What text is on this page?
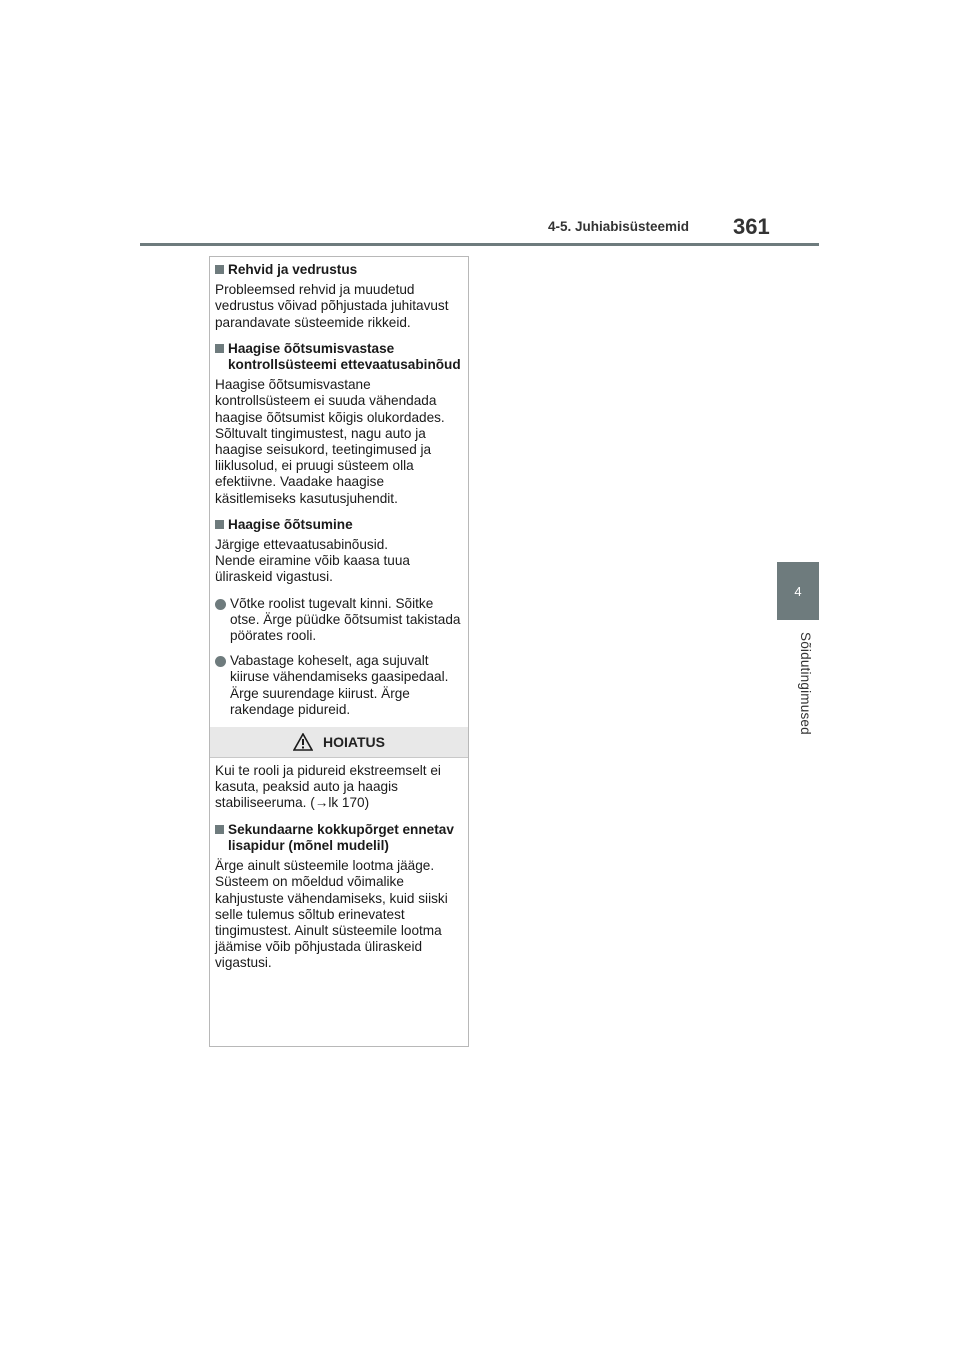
4-5. Juhiabisüsteemid 361
4
Sõidutingimused
Rehvid ja vedrustus
Probleemsed rehvid ja muudetud vedrustus võivad põhjustada juhitavust parandavate süsteemide rikkeid.
Haagise õõtsumisvastase kontrollsüsteemi ettevaatusabinõud
Haagise õõtsumisvastane kontrollsüsteem ei suuda vähendada haagise õõtsumist kõigis olukordades. Sõltuvalt tingimustest, nagu auto ja haagise seisukord, teetingimused ja liiklusolud, ei pruugi süsteem olla efektiivne. Vaadake haagise käsitlemiseks kasutusjuhendit.
Haagise õõtsumine
Järgige ettevaatusabinõusid.
Nende eiramine võib kaasa tuua üliraskeid vigastusi.
Võtke roolist tugevalt kinni. Sõitke otse. Ärge püüdke õõtsumist takistada pöörates rooli.
Vabastage koheselt, aga sujuvalt kiiruse vähendamiseks gaasipedaal.
Ärge suurendage kiirust. Ärge rakendage pidureid.
HOIATUS
Kui te rooli ja pidureid ekstreemselt ei kasuta, peaksid auto ja haagis stabiliseeruma. (→lk 170)
Sekundaarne kokkupõrget ennetav lisapidur (mõnel mudelil)
Ärge ainult süsteemile lootma jääge. Süsteem on mõeldud võimalike kahjustuste vähendamiseks, kuid siiski selle tulemus sõltub erinevatest tingimustest. Ainult süsteemile lootma jäämise võib põhjustada üliraskeid vigastusi.
